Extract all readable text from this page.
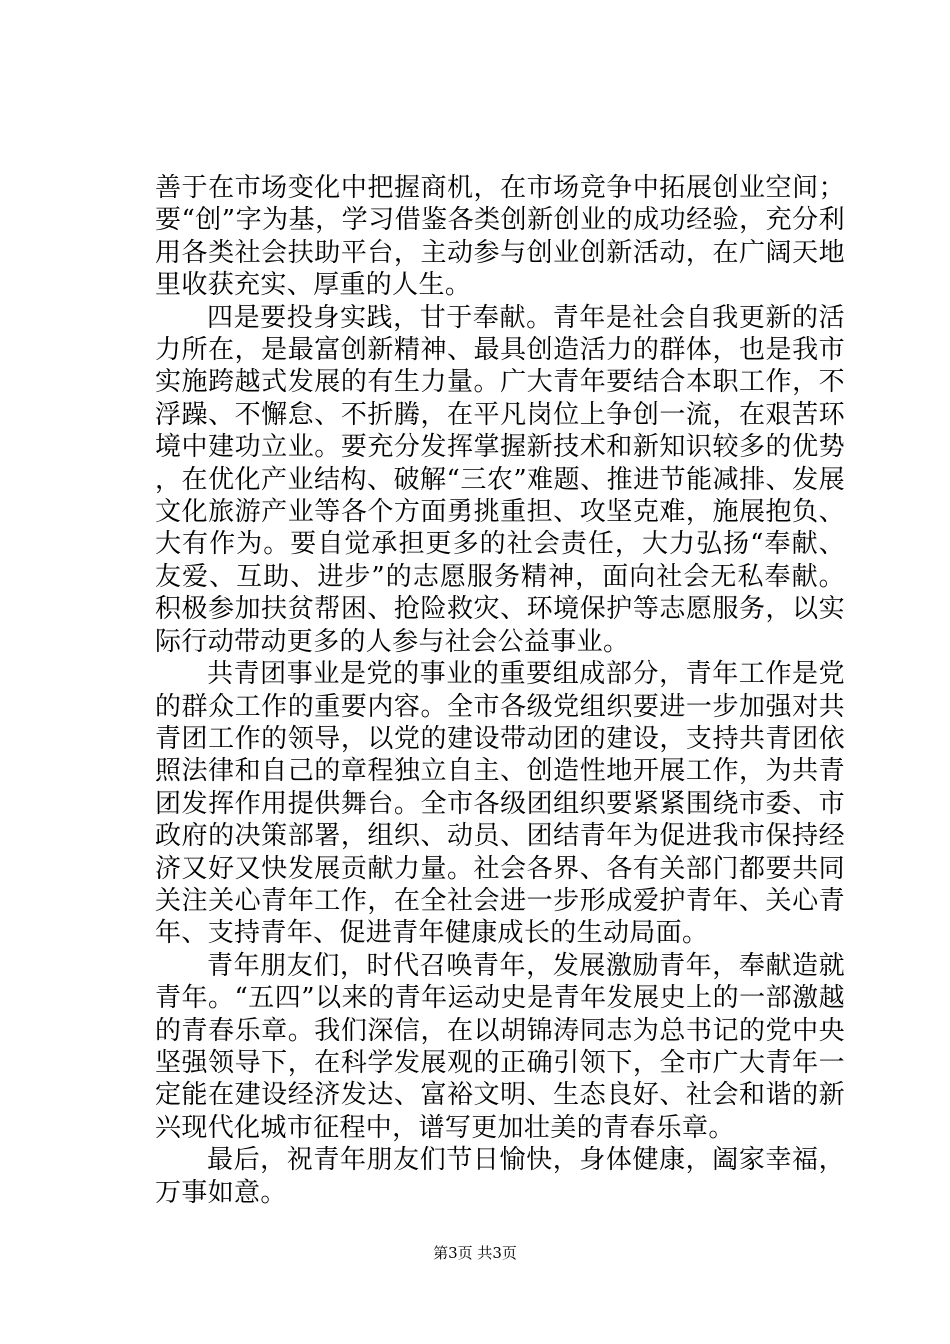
善于在市场变化中把握商机，在市场竞争中拓展创业空间；要“创”字为基，学习借鉴各类创新创业的成功经验，充分利用各类社会扶助平台，主动参与创业创新活动，在广阔天地里收获充实、厚重的人生。

四是要投身实践，甘于奉献。青年是社会自我更新的活力所在，是最富创新精神、最具创造活力的群体，也是我市实施跨越式发展的有生力量。广大青年要结合本职工作，不浮躁、不懈怠、不折腾，在平凡岗位上争创一流，在艰苦环境中建功立业。要充分发挥掌握新技术和新知识较多的优势，在优化产业结构、破解“三农”难题、推进节能减排、发展文化旅游产业等各个方面勇挑重担、攻坚克难，施展抱负、大有作为。要自觉承担更多的社会责任，大力弘扬“奉献、友爱、互助、进步”的志愿服务精神，面向社会无私奉献。积极参加扶贫帮困、抢险救灾、环境保护等志愿服务，以实际行动带动更多的人参与社会公益事业。

共青团事业是党的事业的重要组成部分，青年工作是党的群众工作的重要内容。全市各级党组织要进一步加强对共青团工作的领导，以党的建设带动团的建设，支持共青团依照法律和自己的章程独立自主、创造性地开展工作，为共青团发挥作用提供舞台。全市各级团组织要紧紧围绕市委、市政府的决策部署，组织、动员、团结青年为促进我市保持经济又好又快发展贡献力量。社会各界、各有关部门都要共同关注关心青年工作，在全社会进一步形成爱护青年、关心青年、支持青年、促进青年健康成长的生动局面。

青年朋友们，时代召唤青年，发展激励青年，奉献造就青年。“五四”以来的青年运动史是青年发展史上的一部激越的青春乐章。我们深信，在以胡锦涛同志为总书记的党中央坚强领导下，在科学发展观的正确引领下，全市广大青年一定能在建设经济发达、富裕文明、生态良好、社会和谐的新兴现代化城市征程中，谱写更加壮美的青春乐章。

最后，祝青年朋友们节日愉快，身体健康，阖家幸福，万事如意。

第3页 共3页
